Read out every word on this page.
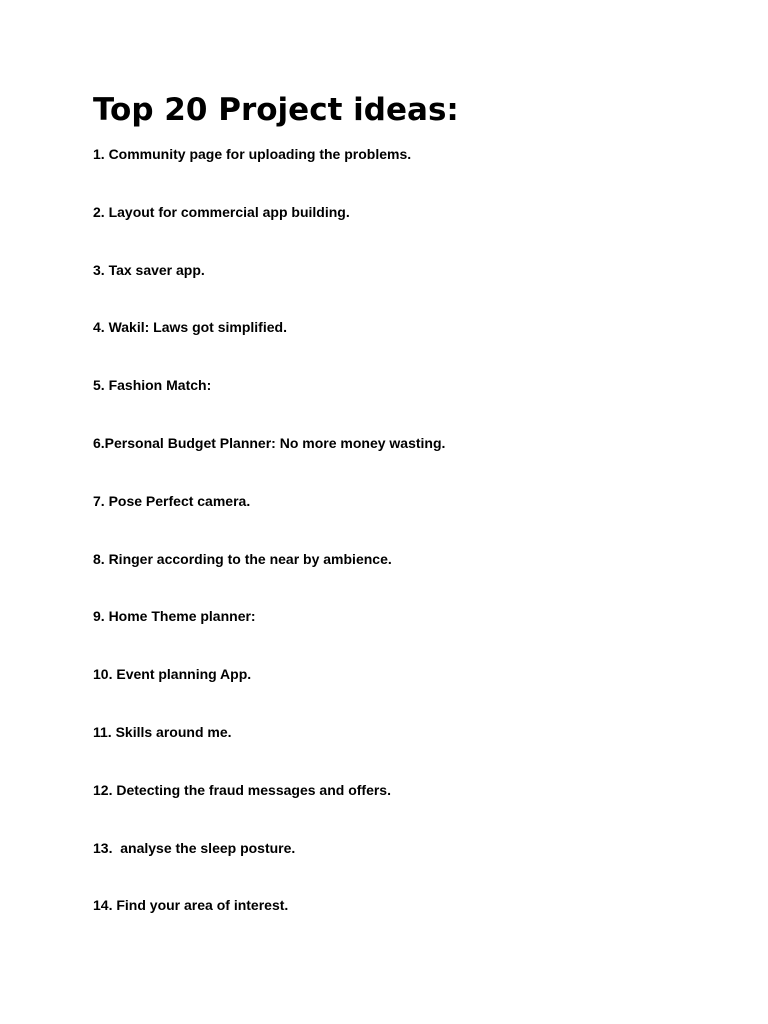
Top 20 Project ideas:
1. Community page for uploading the problems.
2. Layout for commercial app building.
3. Tax saver app.
4. Wakil: Laws got simplified.
5. Fashion Match:
6.Personal Budget Planner: No more money wasting.
7. Pose Perfect camera.
8. Ringer according to the near by ambience.
9. Home Theme planner:
10. Event planning App.
11. Skills around me.
12. Detecting the fraud messages and offers.
13.  analyse the sleep posture.
14. Find your area of interest.
